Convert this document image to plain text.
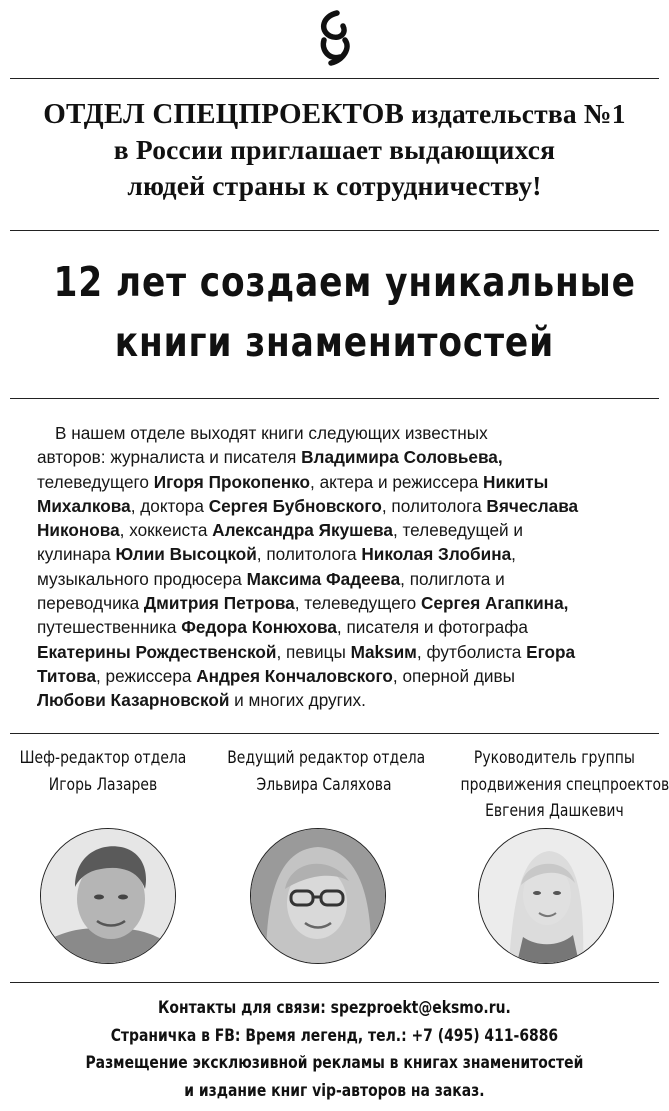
ОТДЕЛ СПЕЦПРОЕКТОВ издательства №1
в России приглашает выдающихся
людей страны к сотрудничеству!
12 лет создаем уникальные
книги знаменитостей
В нашем отделе выходят книги следующих известных
авторов: журналиста и писателя Владимира Соловьева,
телеведущего Игоря Прокопенко, актера и режиссера Никиты
Михалкова, доктора Сергея Бубновского, политолога Вячеслава
Никонова, хоккеиста Александра Якушева, телеведущей и
кулинара Юлии Высоцкой, политолога Николая Злобина,
музыкального продюсера Максима Фадеева, полиглота и
переводчика Дмитрия Петрова, телеведущего Сергея Агапкина,
путешественника Федора Конюхова, писателя и фотографа
Екатерины Рождественской, певицы Maksим, футболиста Егора
Титова, режиссера Андрея Кончаловского, оперной дивы
Любови Казарновской и многих других.
Шеф-редактор отдела
Игорь Лазарев
Ведущий редактор отдела
Эльвира Саляхова
Руководитель группы
продвижения спецпроектов
Евгения Дашкевич
Контакты для связи: spezproekt@eksmo.ru.
Страничка в FB: Время легенд, тел.: +7 (495) 411-6886
Размещение эксклюзивной рекламы в книгах знаменитостей
и издание книг vip-авторов на заказ.
